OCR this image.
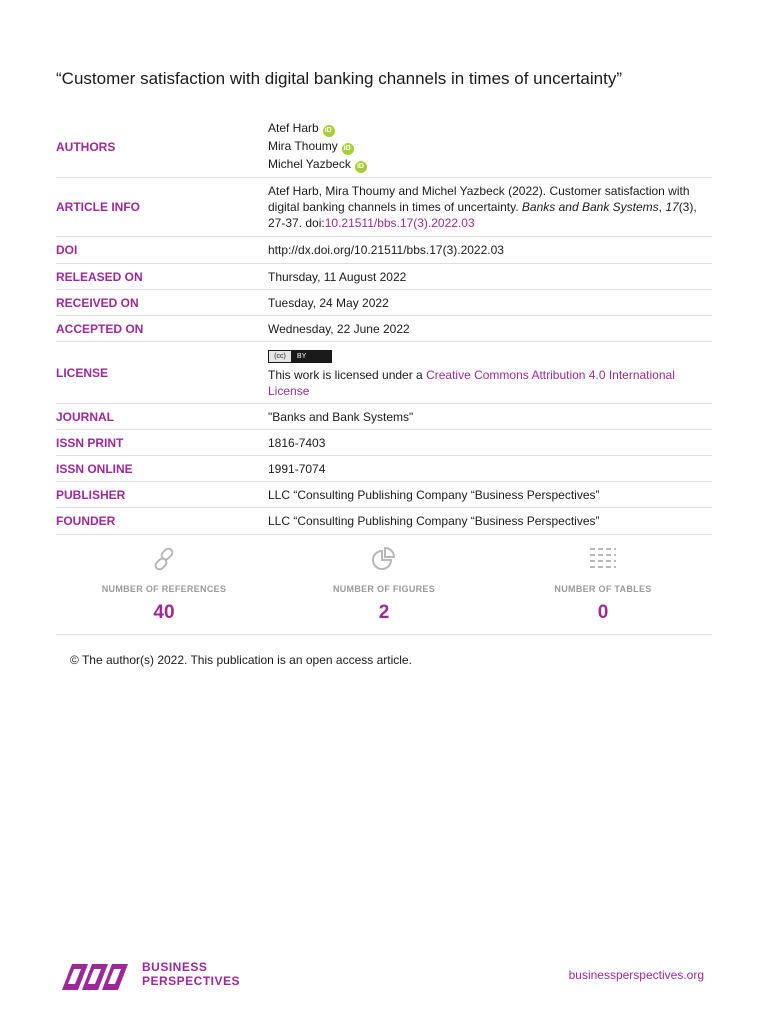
“Customer satisfaction with digital banking channels in times of uncertainty”
AUTHORS	Atef Harb
iD
Mira Thoumy
iD
Michel Yazbeck
iD

ARTICLE INFO	Atef Harb, Mira Thoumy and Michel Yazbeck (2022). Customer satisfaction with digital banking channels in times of uncertainty. Banks and Bank Systems, 17(3), 27-37. doi:10.21511/bbs.17(3).2022.03
DOI	http://dx.doi.org/10.21511/bbs.17(3).2022.03
RELEASED ON	Thursday, 11 August 2022
RECEIVED ON	Tuesday, 24 May 2022
ACCEPTED ON	Wednesday, 22 June 2022
LICENSE	(cc) BY
This work is licensed under a Creative Commons Attribution 4.0 International License

JOURNAL	"Banks and Bank Systems"
ISSN PRINT	1816-7403
ISSN ONLINE	1991-7074
PUBLISHER	LLC “Consulting Publishing Company “Business Perspectives”
FOUNDER	LLC “Consulting Publishing Company “Business Perspectives”
NUMBER OF REFERENCES
40
NUMBER OF FIGURES
2
NUMBER OF TABLES
0
© The author(s) 2022. This publication is an open access article.
BUSINESS
PERSPECTIVES	businessperspectives.org
